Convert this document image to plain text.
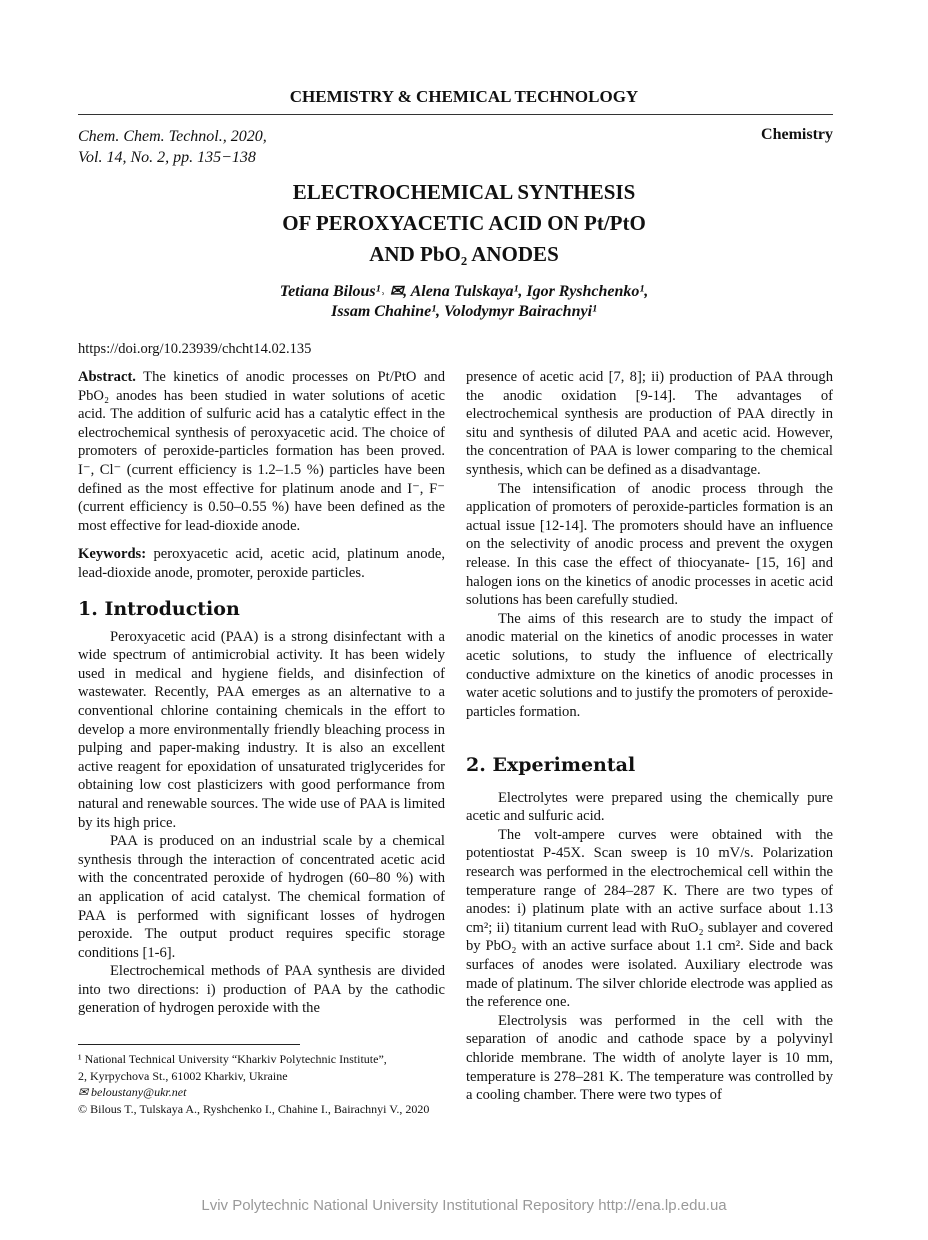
CHEMISTRY & CHEMICAL TECHNOLOGY
Chem. Chem. Technol., 2020,
Vol. 14, No. 2, pp. 135−138
Chemistry
ELECTROCHEMICAL SYNTHESIS
OF PEROXYACETIC ACID ON Pt/PtO
AND PbO₂ ANODES
Tetiana Bilous¹˒ ✉, Alena Tulskaya¹, Igor Ryshchenko¹,
Issam Chahine¹, Volodymyr Bairachnyi¹
https://doi.org/10.23939/chcht14.02.135

Abstract. The kinetics of anodic processes on Pt/PtO and PbO₂ anodes has been studied in water solutions of acetic acid. The addition of sulfuric acid has a catalytic effect in the electrochemical synthesis of peroxyacetic acid. The choice of promoters of peroxide-particles formation has been proved. I⁻, Cl⁻ (current efficiency is 1.2–1.5 %) particles have been defined as the most effective for platinum anode and I⁻, F⁻ (current efficiency is 0.50–0.55 %) have been defined as the most effective for lead-dioxide anode.

Keywords: peroxyacetic acid, acetic acid, platinum anode, lead-dioxide anode, promoter, peroxide particles.

1. Introduction

Peroxyacetic acid (PAA) is a strong disinfectant with a wide spectrum of antimicrobial activity. It has been widely used in medical and hygiene fields, and disinfection of wastewater. Recently, PAA emerges as an alternative to a conventional chlorine containing chemicals in the effort to develop a more environmentally friendly bleaching process in pulping and paper-making industry. It is also an excellent active reagent for epoxidation of unsaturated triglycerides for obtaining low cost plasticizers with good performance from natural and renewable sources. The wide use of PAA is limited by its high price.

PAA is produced on an industrial scale by a chemical synthesis through the interaction of concentrated acetic acid with the concentrated peroxide of hydrogen (60–80 %) with an application of acid catalyst. The chemical formation of PAA is performed with significant losses of hydrogen peroxide. The output product requires specific storage conditions [1-6].

Electrochemical methods of PAA synthesis are divided into two directions: i) production of PAA by the cathodic generation of hydrogen peroxide with the

presence of acetic acid [7, 8]; ii) production of PAA through the anodic oxidation [9-14]. The advantages of electrochemical synthesis are production of PAA directly in situ and synthesis of diluted PAA and acetic acid. However, the concentration of PAA is lower comparing to the chemical synthesis, which can be defined as a disadvantage.

The intensification of anodic process through the application of promoters of peroxide-particles formation is an actual issue [12-14]. The promoters should have an influence on the selectivity of anodic process and prevent the oxygen release. In this case the effect of thiocyanate- [15, 16] and halogen ions on the kinetics of anodic processes in acetic acid solutions has been carefully studied.

The aims of this research are to study the impact of anodic material on the kinetics of anodic processes in water acetic solutions, to study the influence of electrically conductive admixture on the kinetics of anodic processes in water acetic solutions and to justify the promoters of peroxide-particles formation.

2. Experimental

Electrolytes were prepared using the chemically pure acetic and sulfuric acid.

The volt-ampere curves were obtained with the potentiostat P-45X. Scan sweep is 10 mV/s. Polarization research was performed in the electrochemical cell within the temperature range of 284–287 K. There are two types of anodes: i) platinum plate with an active surface about 1.13 cm²; ii) titanium current lead with RuO₂ sublayer and covered by PbO₂ with an active surface about 1.1 cm². Side and back surfaces of anodes were isolated. Auxiliary electrode was made of platinum. The silver chloride electrode was applied as the reference one.

Electrolysis was performed in the cell with the separation of anodic and cathode space by a polyvinyl chloride membrane. The width of anolyte layer is 10 mm, temperature is 278–281 K. The temperature was controlled by a cooling chamber. There were two types of

¹ National Technical University “Kharkiv Polytechnic Institute”,
2, Kyrpychova St., 61002 Kharkiv, Ukraine
✉ beloustany@ukr.net
© Bilous T., Tulskaya A., Ryshchenko I., Chahine I., Bairachnyi V., 2020
Lviv Polytechnic National University Institutional Repository http://ena.lp.edu.ua
